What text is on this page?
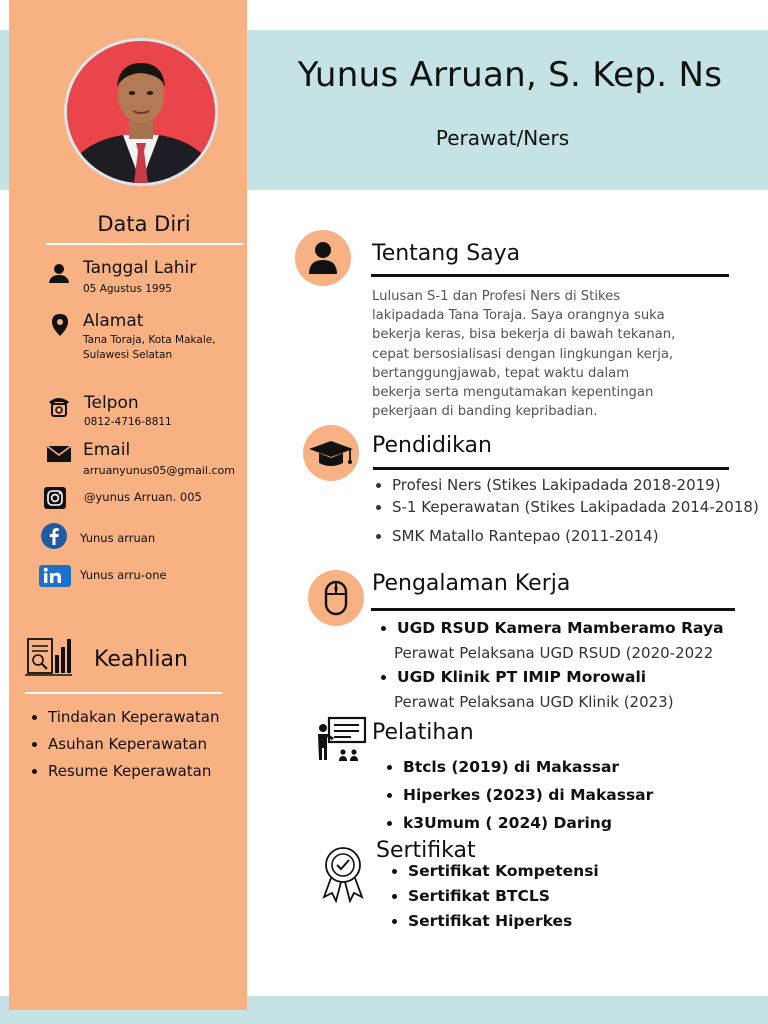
Yunus Arruan, S. Kep. Ns
Perawat/Ners
Data Diri
Tanggal Lahir
05 Agustus 1995
Alamat
Tana Toraja, Kota Makale,
Sulawesi Selatan
Telpon
0812-4716-8811
Email
arruanyunus05@gmail.com
@yunus Arruan. 005
Yunus arruan
Yunus arru-one
Keahlian
• Tindakan Keperawatan
• Asuhan Keperawatan
• Resume Keperawatan
Tentang Saya
Lulusan S-1 dan Profesi Ners di Stikes
lakipadada Tana Toraja. Saya orangnya suka
bekerja keras, bisa bekerja di bawah tekanan,
cepat bersosialisasi dengan lingkungan kerja,
bertanggungjawab, tepat waktu dalam
bekerja serta mengutamakan kepentingan
pekerjaan di banding kepribadian.
Pendidikan
• Profesi Ners (Stikes Lakipadada 2018-2019)
• S-1 Keperawatan (Stikes Lakipadada 2014-2018)
• SMK Matallo Rantepao (2011-2014)
Pengalaman Kerja
• UGD RSUD Kamera Mamberamo Raya
Perawat Pelaksana UGD RSUD (2020-2022
• UGD Klinik PT IMIP Morowali
Perawat Pelaksana UGD Klinik (2023)
Pelatihan
• Btcls (2019) di Makassar
• Hiperkes (2023) di Makassar
• k3Umum ( 2024) Daring
Sertifikat
• Sertifikat Kompetensi
• Sertifikat BTCLS
• Sertifikat Hiperkes
